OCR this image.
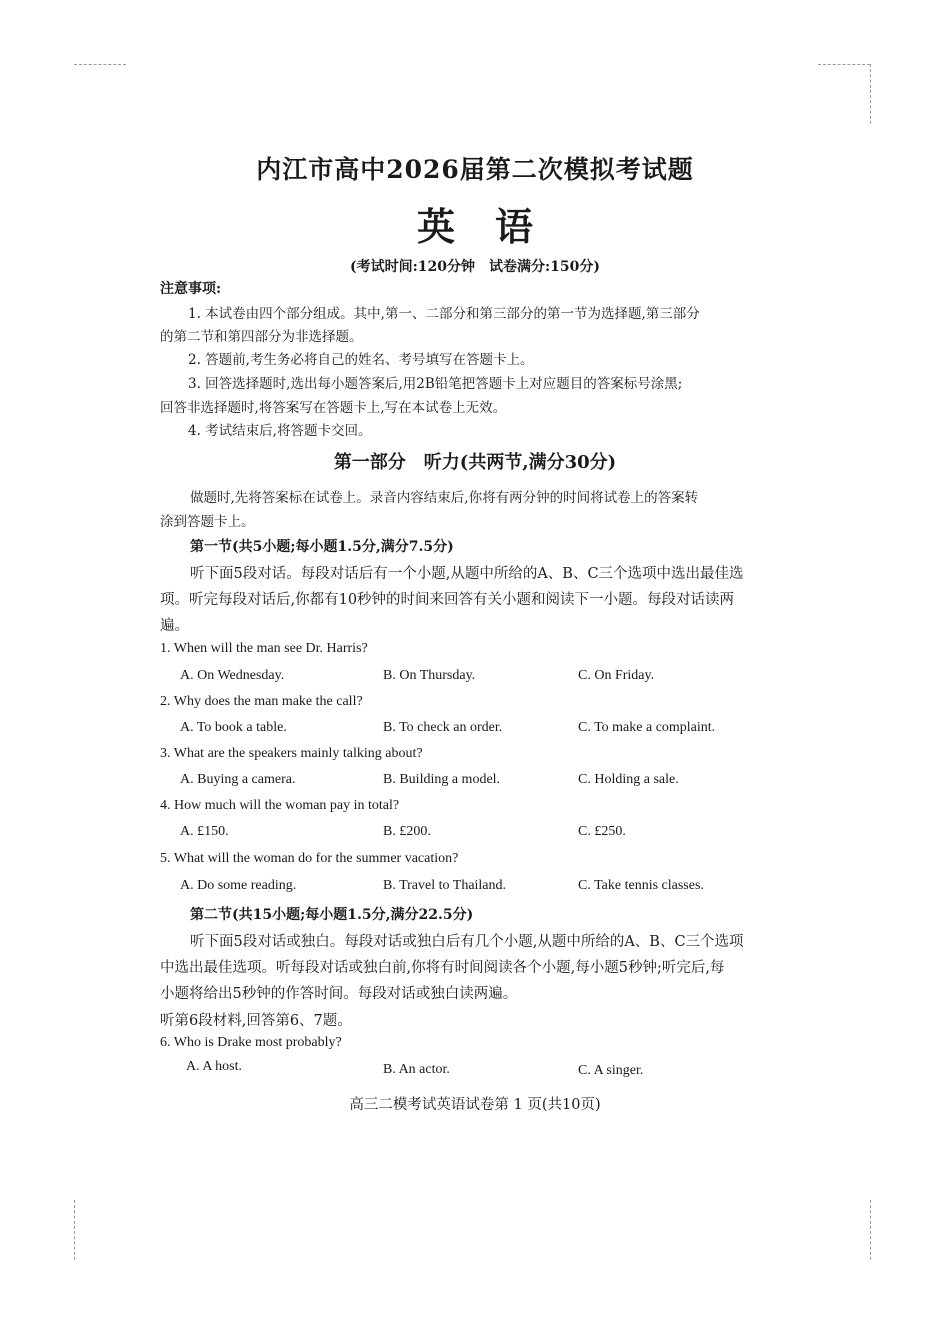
内江市高中2026届第二次模拟考试题
英语
(考试时间:120分钟　试卷满分:150分)
注意事项:
1. 本试卷由四个部分组成。其中,第一、二部分和第三部分的第一节为选择题,第三部分
的第二节和第四部分为非选择题。
2. 答题前,考生务必将自己的姓名、考号填写在答题卡上。
3. 回答选择题时,选出每小题答案后,用2B铅笔把答题卡上对应题目的答案标号涂黑;
回答非选择题时,将答案写在答题卡上,写在本试卷上无效。
4. 考试结束后,将答题卡交回。
第一部分　听力(共两节,满分30分)
做题时,先将答案标在试卷上。录音内容结束后,你将有两分钟的时间将试卷上的答案转
涂到答题卡上。
第一节(共5小题;每小题1.5分,满分7.5分)
听下面5段对话。每段对话后有一个小题,从题中所给的A、B、C三个选项中选出最佳选
项。听完每段对话后,你都有10秒钟的时间来回答有关小题和阅读下一小题。每段对话读两
遍。
1. When will the man see Dr. Harris?
A. On Wednesday.	B. On Thursday.	C. On Friday.
2. Why does the man make the call?
A. To book a table.	B. To check an order.	C. To make a complaint.
3. What are the speakers mainly talking about?
A. Buying a camera.	B. Building a model.	C. Holding a sale.
4. How much will the woman pay in total?
A. £150.	B. £200.	C. £250.
5. What will the woman do for the summer vacation?
A. Do some reading.	B. Travel to Thailand.	C. Take tennis classes.
第二节(共15小题;每小题1.5分,满分22.5分)
听下面5段对话或独白。每段对话或独白后有几个小题,从题中所给的A、B、C三个选项
中选出最佳选项。听每段对话或独白前,你将有时间阅读各个小题,每小题5秒钟;听完后,每
小题将给出5秒钟的作答时间。每段对话或独白读两遍。
听第6段材料,回答第6、7题。
6. Who is Drake most probably?
A. A host.	B. An actor.	C. A singer.
高三二模考试英语试卷第 1 页(共10页)
